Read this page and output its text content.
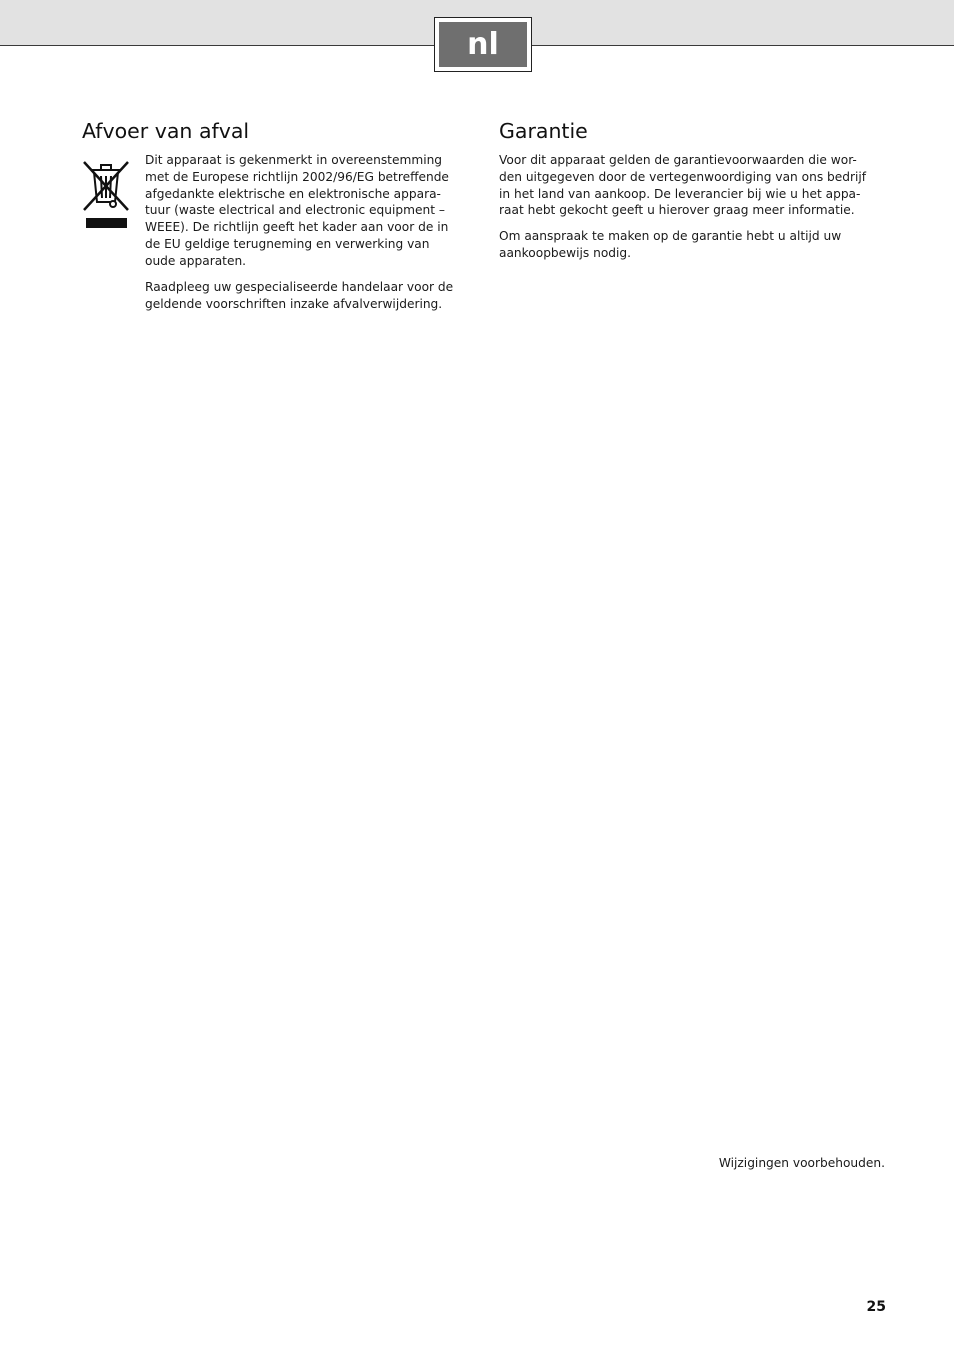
nl
Afvoer van afval
Dit apparaat is gekenmerkt in overeenstemming
met de Europese richtlijn 2002/96/EG betreffende
afgedankte elektrische en elektronische appara-
tuur (waste electrical and electronic equipment –
WEEE). De richtlijn geeft het kader aan voor de in
de EU geldige terugneming en verwerking van
oude apparaten.
Raadpleeg uw gespecialiseerde handelaar voor de
geldende voorschriften inzake afvalverwijdering.
Garantie
Voor dit apparaat gelden de garantievoorwaarden die wor-
den uitgegeven door de vertegenwoordiging van ons bedrijf
in het land van aankoop. De leverancier bij wie u het appa-
raat hebt gekocht geeft u hierover graag meer informatie.
Om aanspraak te maken op de garantie hebt u altijd uw
aankoopbewijs nodig.
Wijzigingen voorbehouden.
25
